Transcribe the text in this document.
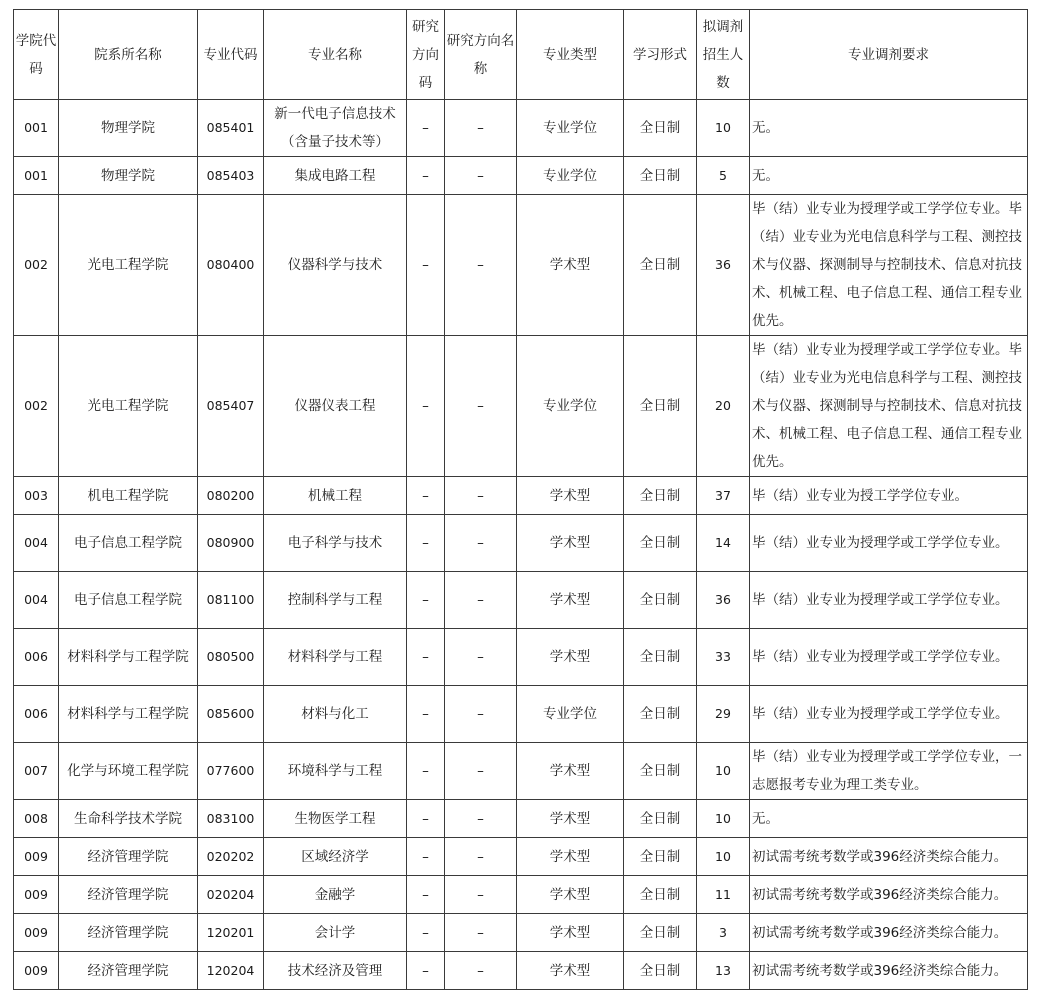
学院代码	院系所名称	专业代码	专业名称	研究方向码	研究方向名称	专业类型	学习形式	拟调剂招生人数	专业调剂要求
001	物理学院	085401	新一代电子信息技术（含量子技术等）	–	–	专业学位	全日制	10	无。
001	物理学院	085403	集成电路工程	–	–	专业学位	全日制	5	无。
002	光电工程学院	080400	仪器科学与技术	–	–	学术型	全日制	36	毕（结）业专业为授理学或工学学位专业。毕（结）业专业为光电信息科学与工程、测控技术与仪器、探测制导与控制技术、信息对抗技术、机械工程、电子信息工程、通信工程专业优先。
002	光电工程学院	085407	仪器仪表工程	–	–	专业学位	全日制	20	毕（结）业专业为授理学或工学学位专业。毕（结）业专业为光电信息科学与工程、测控技术与仪器、探测制导与控制技术、信息对抗技术、机械工程、电子信息工程、通信工程专业优先。
003	机电工程学院	080200	机械工程	–	–	学术型	全日制	37	毕（结）业专业为授工学学位专业。
004	电子信息工程学院	080900	电子科学与技术	–	–	学术型	全日制	14	毕（结）业专业为授理学或工学学位专业。
004	电子信息工程学院	081100	控制科学与工程	–	–	学术型	全日制	36	毕（结）业专业为授理学或工学学位专业。
006	材料科学与工程学院	080500	材料科学与工程	–	–	学术型	全日制	33	毕（结）业专业为授理学或工学学位专业。
006	材料科学与工程学院	085600	材料与化工	–	–	专业学位	全日制	29	毕（结）业专业为授理学或工学学位专业。
007	化学与环境工程学院	077600	环境科学与工程	–	–	学术型	全日制	10	毕（结）业专业为授理学或工学学位专业，一志愿报考专业为理工类专业。
008	生命科学技术学院	083100	生物医学工程	–	–	学术型	全日制	10	无。
009	经济管理学院	020202	区域经济学	–	–	学术型	全日制	10	初试需考统考数学或396经济类综合能力。
009	经济管理学院	020204	金融学	–	–	学术型	全日制	11	初试需考统考数学或396经济类综合能力。
009	经济管理学院	120201	会计学	–	–	学术型	全日制	3	初试需考统考数学或396经济类综合能力。
009	经济管理学院	120204	技术经济及管理	–	–	学术型	全日制	13	初试需考统考数学或396经济类综合能力。
